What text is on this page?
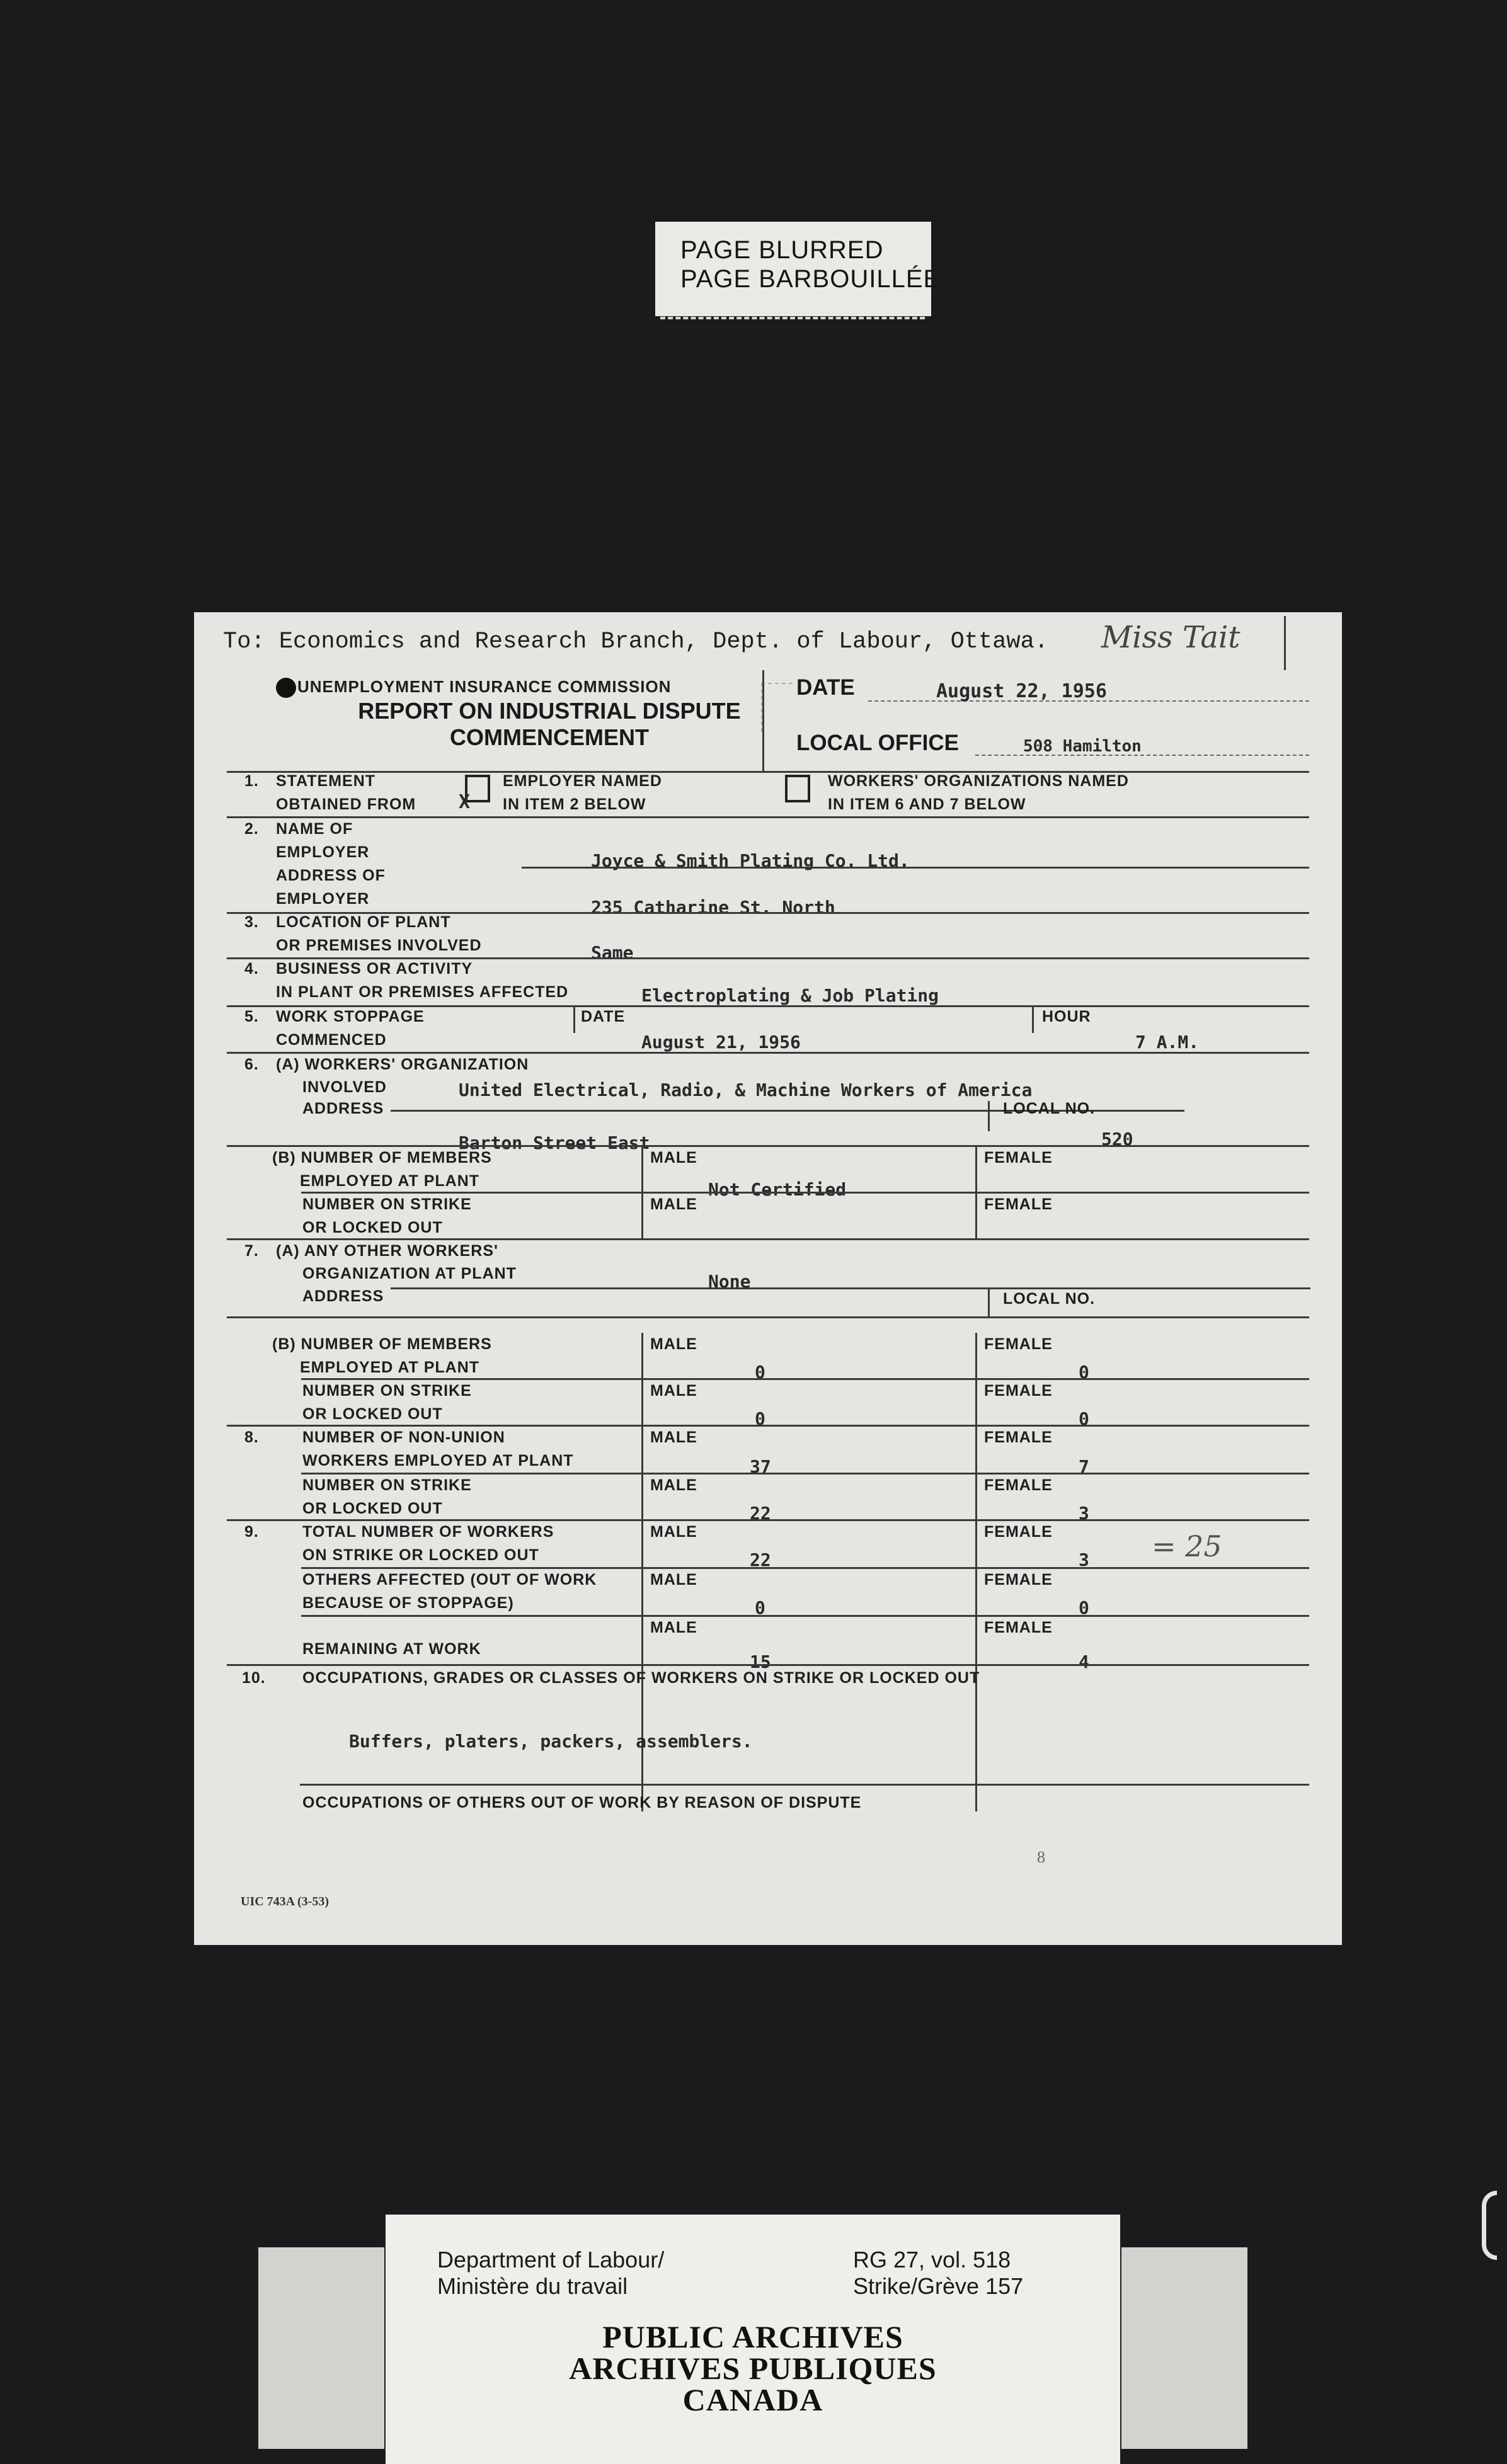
PAGE BLURRED
PAGE BARBOUILLÉE
To: Economics and Research Branch, Dept. of Labour, Ottawa. Miss Tait
UNEMPLOYMENT INSURANCE COMMISSION
REPORT ON INDUSTRIAL DISPUTE
COMMENCEMENT
DATE	August 22, 1956
LOCAL OFFICE	508 Hamilton
1. STATEMENT
OBTAINED FROM X
EMPLOYER NAMED
IN ITEM 2 BELOW
WORKERS' ORGANIZATIONS NAMED
IN ITEM 6 AND 7 BELOW
2. NAME OF
EMPLOYER
ADDRESS OF
EMPLOYER
Joyce & Smith Plating Co. Ltd.
235 Catharine St. North
3. LOCATION OF PLANT
OR PREMISES INVOLVED	Same
4. BUSINESS OR ACTIVITY
IN PLANT OR PREMISES AFFECTED	Electroplating & Job Plating
5. WORK STOPPAGE
COMMENCED
DATE	HOUR
August 21, 1956	7 A.M.
6. (A) WORKERS' ORGANIZATION
INVOLVED	United Electrical, Radio, & Machine Workers of America
ADDRESS	LOCAL NO.
520
Barton Street East
(B) NUMBER OF MEMBERS
EMPLOYED AT PLANT
MALE	FEMALE
Not Certified
NUMBER ON STRIKE
OR LOCKED OUT
MALE	FEMALE
7. (A) ANY OTHER WORKERS'
ORGANIZATION AT PLANT
ADDRESS
None
LOCAL NO.
(B) NUMBER OF MEMBERS
EMPLOYED AT PLANT
MALE	FEMALE
0	0
NUMBER ON STRIKE
OR LOCKED OUT
MALE	FEMALE
0	0
8.	NUMBER OF NON-UNION
WORKERS EMPLOYED AT PLANT
MALE	FEMALE
37	7
NUMBER ON STRIKE
OR LOCKED OUT
MALE	FEMALE
22	3
9.	TOTAL NUMBER OF WORKERS
ON STRIKE OR LOCKED OUT
MALE	FEMALE
22	3 = 25
OTHERS AFFECTED (OUT OF WORK
BECAUSE OF STOPPAGE)
MALE	FEMALE
0	0
MALE	FEMALE
REMAINING AT WORK
15	4
10. OCCUPATIONS, GRADES OR CLASSES OF WORKERS ON STRIKE OR LOCKED OUT
Buffers, platers, packers, assemblers.
OCCUPATIONS OF OTHERS OUT OF WORK BY REASON OF DISPUTE
8
UIC 743A (3-53)
Department of Labour/
Ministère du travail
RG 27, vol. 518
Strike/Grève 157
PUBLIC ARCHIVES
ARCHIVES PUBLIQUES
CANADA
